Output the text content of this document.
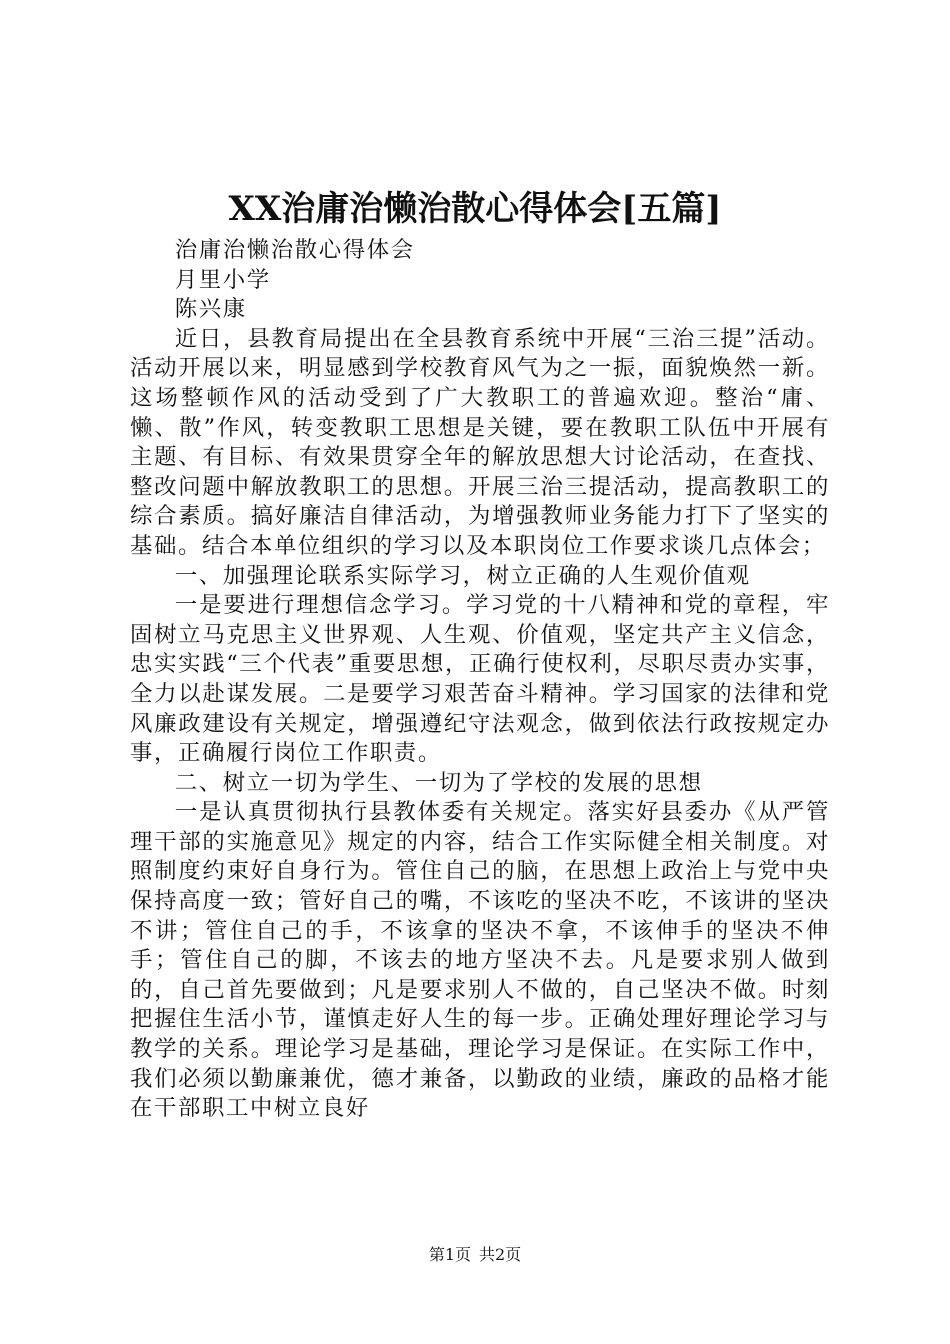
XX治庸治懒治散心得体会[五篇]

治庸治懒治散心得体会

月里小学

陈兴康

近日，县教育局提出在全县教育系统中开展“三治三提”活动。活动开展以来，明显感到学校教育风气为之一振，面貌焕然一新。这场整顿作风的活动受到了广大教职工的普遍欢迎。整治“庸、懒、散”作风，转变教职工思想是关键，要在教职工队伍中开展有主题、有目标、有效果贯穿全年的解放思想大讨论活动，在查找、整改问题中解放教职工的思想。开展三治三提活动，提高教职工的综合素质。搞好廉洁自律活动，为增强教师业务能力打下了坚实的基础。结合本单位组织的学习以及本职岗位工作要求谈几点体会；

一、加强理论联系实际学习，树立正确的人生观价值观

一是要进行理想信念学习。学习党的十八精神和党的章程，牢固树立马克思主义世界观、人生观、价值观，坚定共产主义信念，忠实实践“三个代表”重要思想，正确行使权利，尽职尽责办实事，全力以赴谋发展。二是要学习艰苦奋斗精神。学习国家的法律和党风廉政建设有关规定，增强遵纪守法观念，做到依法行政按规定办事，正确履行岗位工作职责。

二、树立一切为学生、一切为了学校的发展的思想

一是认真贯彻执行县教体委有关规定。落实好县委办《从严管理干部的实施意见》规定的内容，结合工作实际健全相关制度。对照制度约束好自身行为。管住自己的脑，在思想上政治上与党中央保持高度一致；管好自己的嘴，不该吃的坚决不吃，不该讲的坚决不讲；管住自己的手，不该拿的坚决不拿，不该伸手的坚决不伸手；管住自己的脚，不该去的地方坚决不去。凡是要求别人做到的，自己首先要做到；凡是要求别人不做的，自己坚决不做。时刻把握住生活小节，谨慎走好人生的每一步。正确处理好理论学习与教学的关系。理论学习是基础，理论学习是保证。在实际工作中，我们必须以勤廉兼优，德才兼备，以勤政的业绩，廉政的品格才能在干部职工中树立良好

第1页 共2页
